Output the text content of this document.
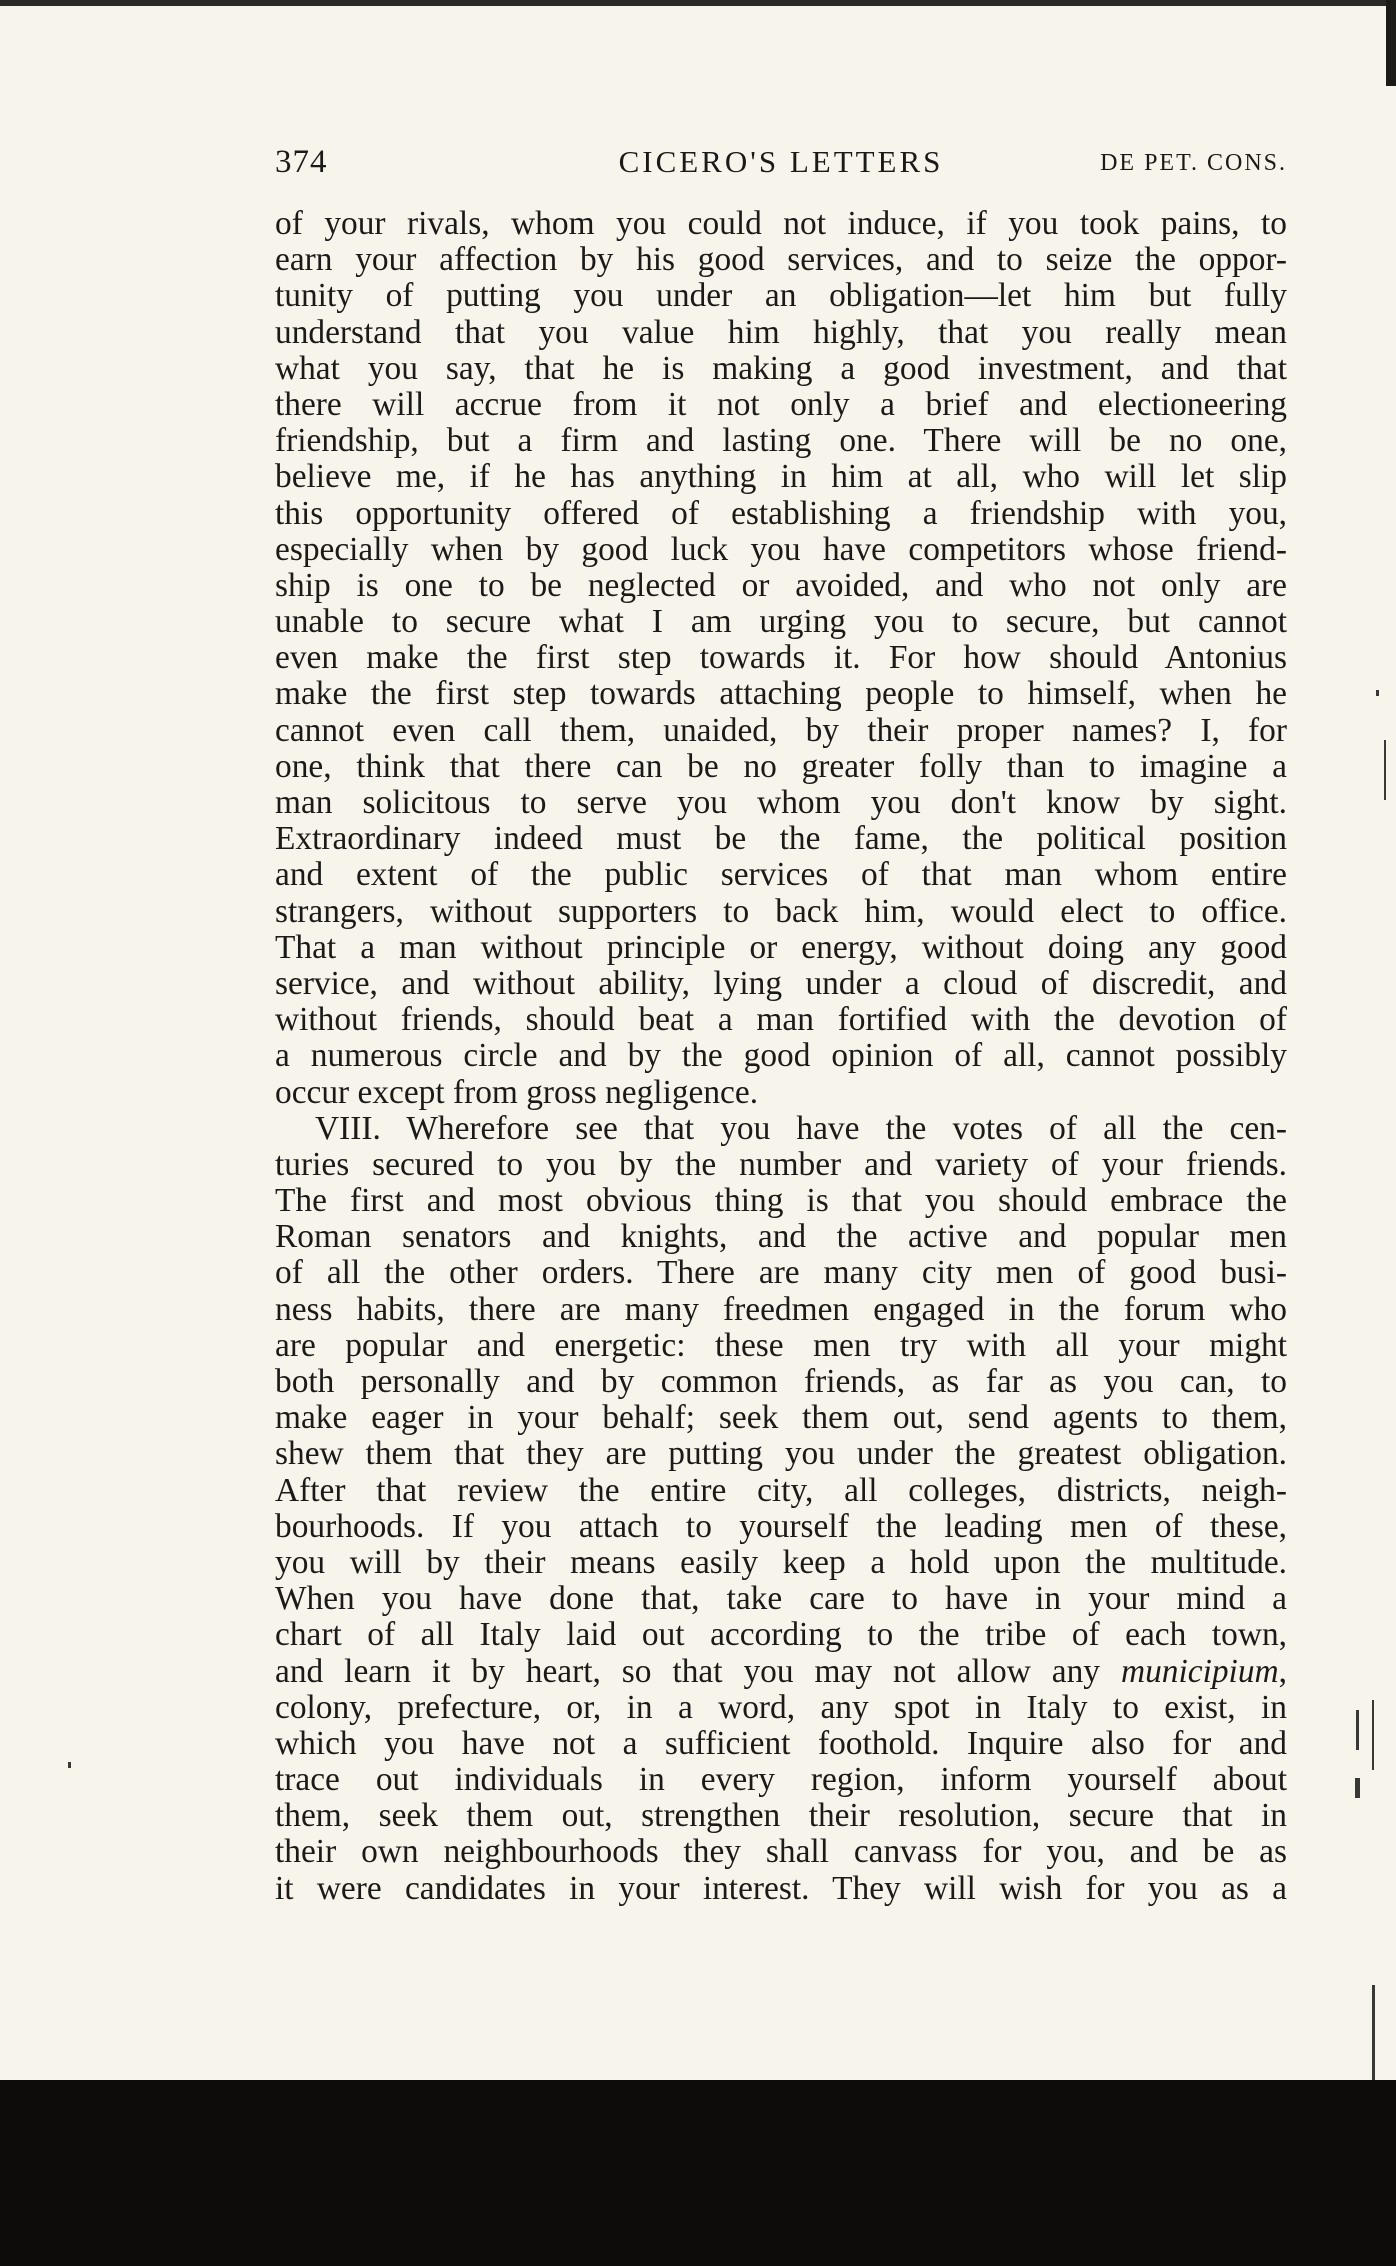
374	CICERO'S LETTERS	DE PET. CONS.
of your rivals, whom you could not induce, if you took pains, to
earn your affection by his good services, and to seize the oppor-
tunity of putting you under an obligation—let him but fully
understand that you value him highly, that you really mean
what you say, that he is making a good investment, and that
there will accrue from it not only a brief and electioneering
friendship, but a firm and lasting one. There will be no one,
believe me, if he has anything in him at all, who will let slip
this opportunity offered of establishing a friendship with you,
especially when by good luck you have competitors whose friend-
ship is one to be neglected or avoided, and who not only are
unable to secure what I am urging you to secure, but cannot
even make the first step towards it. For how should Antonius
make the first step towards attaching people to himself, when he
cannot even call them, unaided, by their proper names? I, for
one, think that there can be no greater folly than to imagine a
man solicitous to serve you whom you don't know by sight.
Extraordinary indeed must be the fame, the political position
and extent of the public services of that man whom entire
strangers, without supporters to back him, would elect to office.
That a man without principle or energy, without doing any good
service, and without ability, lying under a cloud of discredit, and
without friends, should beat a man fortified with the devotion of
a numerous circle and by the good opinion of all, cannot possibly
occur except from gross negligence.
VIII. Wherefore see that you have the votes of all the cen-
turies secured to you by the number and variety of your friends.
The first and most obvious thing is that you should embrace the
Roman senators and knights, and the active and popular men
of all the other orders. There are many city men of good busi-
ness habits, there are many freedmen engaged in the forum who
are popular and energetic: these men try with all your might
both personally and by common friends, as far as you can, to
make eager in your behalf; seek them out, send agents to them,
shew them that they are putting you under the greatest obligation.
After that review the entire city, all colleges, districts, neigh-
bourhoods. If you attach to yourself the leading men of these,
you will by their means easily keep a hold upon the multitude.
When you have done that, take care to have in your mind a
chart of all Italy laid out according to the tribe of each town,
and learn it by heart, so that you may not allow any municipium,
colony, prefecture, or, in a word, any spot in Italy to exist, in
which you have not a sufficient foothold. Inquire also for and
trace out individuals in every region, inform yourself about
them, seek them out, strengthen their resolution, secure that in
their own neighbourhoods they shall canvass for you, and be as
it were candidates in your interest. They will wish for you as a
